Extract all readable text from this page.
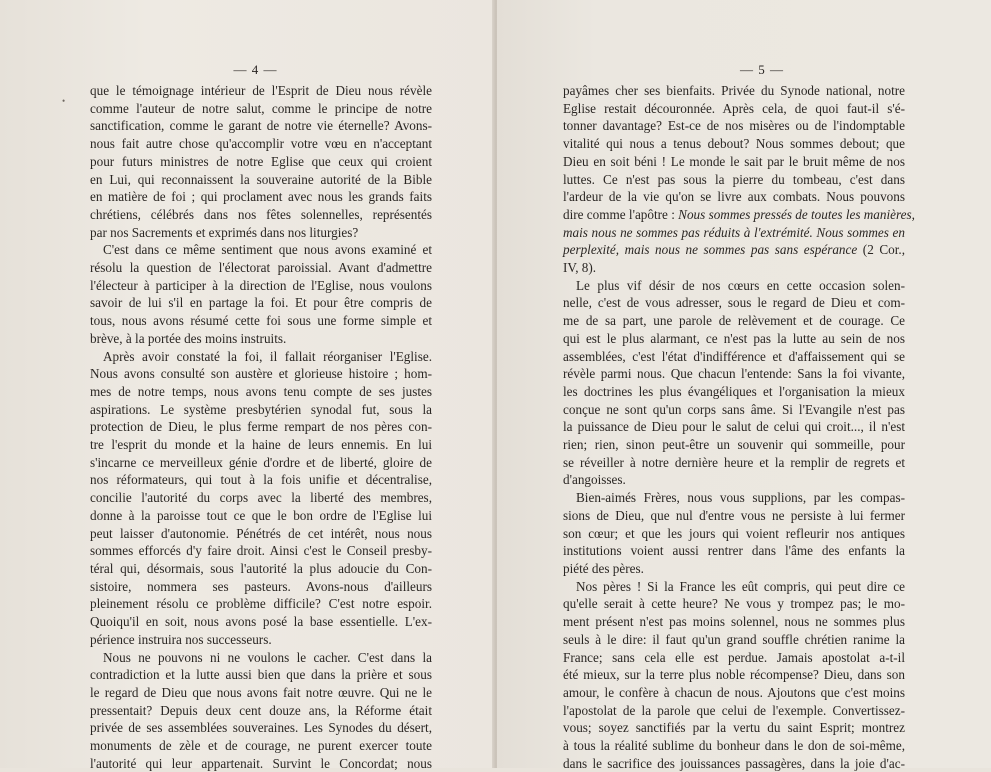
— 4 —
•
que le témoignage intérieur de l'Esprit de Dieu nous révèle
comme l'auteur de notre salut, comme le principe de notre
sanctification, comme le garant de notre vie éternelle? Avons-
nous fait autre chose qu'accomplir votre vœu en n'acceptant
pour futurs ministres de notre Eglise que ceux qui croient
en Lui, qui reconnaissent la souveraine autorité de la Bible
en matière de foi ; qui proclament avec nous les grands faits
chrétiens, célébrés dans nos fêtes solennelles, représentés
par nos Sacrements et exprimés dans nos liturgies?
C'est dans ce même sentiment que nous avons examiné et
résolu la question de l'électorat paroissial. Avant d'admettre
l'électeur à participer à la direction de l'Eglise, nous voulons
savoir de lui s'il en partage la foi. Et pour être compris de
tous, nous avons résumé cette foi sous une forme simple et
brève, à la portée des moins instruits.
Après avoir constaté la foi, il fallait réorganiser l'Eglise.
Nous avons consulté son austère et glorieuse histoire ; hom-
mes de notre temps, nous avons tenu compte de ses justes
aspirations. Le système presbytérien synodal fut, sous la
protection de Dieu, le plus ferme rempart de nos pères con-
tre l'esprit du monde et la haine de leurs ennemis. En lui
s'incarne ce merveilleux génie d'ordre et de liberté, gloire de
nos réformateurs, qui tout à la fois unifie et décentralise,
concilie l'autorité du corps avec la liberté des membres,
donne à la paroisse tout ce que le bon ordre de l'Eglise lui
peut laisser d'autonomie. Pénétrés de cet intérêt, nous nous
sommes efforcés d'y faire droit. Ainsi c'est le Conseil presby-
téral qui, désormais, sous l'autorité la plus adoucie du Con-
sistoire, nommera ses pasteurs. Avons-nous d'ailleurs
pleinement résolu ce problème difficile? C'est notre espoir.
Quoiqu'il en soit, nous avons posé la base essentielle. L'ex-
périence instruira nos successeurs.
Nous ne pouvons ni ne voulons le cacher. C'est dans la
contradiction et la lutte aussi bien que dans la prière et sous
le regard de Dieu que nous avons fait notre œuvre. Qui ne le
pressentait? Depuis deux cent douze ans, la Réforme était
privée de ses assemblées souveraines. Les Synodes du désert,
monuments de zèle et de courage, ne purent exercer toute
l'autorité qui leur appartenait. Survint le Concordat; nous
— 5 —
payâmes cher ses bienfaits. Privée du Synode national, notre
Eglise restait découronnée. Après cela, de quoi faut-il s'é-
tonner davantage? Est-ce de nos misères ou de l'indomptable
vitalité qui nous a tenus debout? Nous sommes debout; que
Dieu en soit béni ! Le monde le sait par le bruit même de nos
luttes. Ce n'est pas sous la pierre du tombeau, c'est dans
l'ardeur de la vie qu'on se livre aux combats. Nous pouvons
dire comme l'apôtre : Nous sommes pressés de toutes les manières,
mais nous ne sommes pas réduits à l'extrémité. Nous sommes en
perplexité, mais nous ne sommes pas sans espérance (2 Cor.,
IV, 8).
Le plus vif désir de nos cœurs en cette occasion solen-
nelle, c'est de vous adresser, sous le regard de Dieu et com-
me de sa part, une parole de relèvement et de courage. Ce
qui est le plus alarmant, ce n'est pas la lutte au sein de nos
assemblées, c'est l'état d'indifférence et d'affaissement qui se
révèle parmi nous. Que chacun l'entende: Sans la foi vivante,
les doctrines les plus évangéliques et l'organisation la mieux
conçue ne sont qu'un corps sans âme. Si l'Evangile n'est pas
la puissance de Dieu pour le salut de celui qui croit..., il n'est
rien; rien, sinon peut-être un souvenir qui sommeille, pour
se réveiller à notre dernière heure et la remplir de regrets et
d'angoisses.
Bien-aimés Frères, nous vous supplions, par les compas-
sions de Dieu, que nul d'entre vous ne persiste à lui fermer
son cœur; et que les jours qui voient refleurir nos antiques
institutions voient aussi rentrer dans l'âme des enfants la
piété des pères.
Nos pères ! Si la France les eût compris, qui peut dire ce
qu'elle serait à cette heure? Ne vous y trompez pas; le mo-
ment présent n'est pas moins solennel, nous ne sommes plus
seuls à le dire: il faut qu'un grand souffle chrétien ranime la
France; sans cela elle est perdue. Jamais apostolat a-t-il
été mieux, sur la terre plus noble récompense? Dieu, dans son
amour, le confère à chacun de nous. Ajoutons que c'est moins
l'apostolat de la parole que celui de l'exemple. Convertissez-
vous; soyez sanctifiés par la vertu du saint Esprit; montrez
à tous la réalité sublime du bonheur dans le don de soi-même,
dans le sacrifice des jouissances passagères, dans la joie d'ac-
